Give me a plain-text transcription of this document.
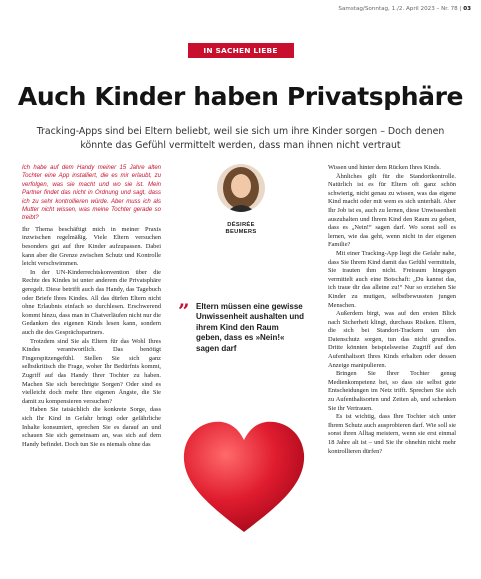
Samstag/Sonntag, 1./2. April 2023 – Nr. 78 | 03
IN SACHEN LIEBE
Auch Kinder haben Privatsphäre

Tracking-Apps sind bei Eltern beliebt, weil sie sich um ihre Kinder sorgen – Doch denen könnte das Gefühl vermittelt werden, dass man ihnen nicht vertraut

Ich habe auf dem Handy meiner 15 Jahre alten Tochter eine App installiert, die es mir erlaubt, zu verfolgen, was sie macht und wo sie ist. Mein Partner findet das nicht in Ordnung und sagt, dass ich zu sehr kontrollieren würde. Aber muss ich als Mutter nicht wissen, was meine Tochter gerade so treibt?

Ihr Thema beschäftigt mich in meiner Praxis inzwischen regelmäßig. Viele Eltern versuchen besonders gut auf ihre Kinder aufzupassen. Dabei kann aber die Grenze zwischen Schutz und Kontrolle leicht verschwimmen.

In der UN-Kinderrechtskonvention über die Rechte des Kindes ist unter anderem die Privatsphäre geregelt. Diese betrifft auch das Handy, das Tagebuch oder Briefe Ihres Kindes. All das dürfen Eltern nicht ohne Erlaubnis einfach so durchlesen. Erschwerend kommt hinzu, dass man in Chatverläufen nicht nur die Gedanken des eigenen Kinds lesen kann, sondern auch die des Gesprächspartners.

Trotzdem sind Sie als Eltern für das Wohl Ihres Kindes verantwortlich. Das benötigt Fingerspitzengefühl. Stellen Sie sich ganz selbstkritisch die Frage, woher Ihr Bedürfnis kommt, Zugriff auf das Handy Ihrer Tochter zu haben. Machen Sie sich berechtigte Sorgen? Oder sind es vielleicht doch mehr Ihre eigenen Ängste, die Sie damit zu kompensieren versuchen?

Haben Sie tatsächlich die konkrete Sorge, dass sich Ihr Kind in Gefahr bringt oder gefährliche Inhalte konsumiert, sprechen Sie es darauf an und schauen Sie sich gemeinsam an, was sich auf dem Handy befindet. Doch tun Sie es niemals ohne das

DÉSIRÉE
BEUMERS
” Eltern müssen eine gewisse Unwissenheit aushalten und ihrem Kind den Raum geben, dass es »Nein!« sagen darf

Wissen und hinter dem Rücken Ihres Kinds.

Ähnliches gilt für die Standortkontrolle. Natürlich ist es für Eltern oft ganz schön schwierig, nicht genau zu wissen, was das eigene Kind macht oder mit wem es sich unterhält. Aber Ihr Job ist es, auch zu lernen, diese Unwissenheit auszuhalten und Ihrem Kind den Raum zu geben, dass es „Nein!“ sagen darf. Wo sonst soll es lernen, wie das geht, wenn nicht in der eigenen Familie?

Mit einer Tracking-App liegt die Gefahr nahe, dass Sie Ihrem Kind damit das Gefühl vermitteln, Sie trauten ihm nicht. Freiraum hingegen vermittelt auch eine Botschaft: „Du kannst das, ich traue dir das alleine zu!“ Nur so erziehen Sie Kinder zu mutigen, selbstbewussten jungen Menschen.

Außerdem birgt, was auf den ersten Blick nach Sicherheit klingt, durchaus Risiken. Eltern, die sich bei Standort-Trackern um den Datenschutz sorgen, tun das nicht grundlos. Dritte könnten beispielsweise Zugriff auf den Aufenthaltsort Ihres Kinds erhalten oder dessen Anzeige manipulieren.

Bringen Sie Ihrer Tochter genug Medienkompetenz bei, so dass sie selbst gute Entscheidungen im Netz trifft. Sprechen Sie sich zu Aufenthaltsorten und Zeiten ab, und schenken Sie ihr Vertrauen.

Es ist wichtig, dass Ihre Tochter sich unter Ihrem Schutz auch ausprobieren darf. Wie soll sie sonst ihren Alltag meistern, wenn sie erst einmal 18 Jahre alt ist – und Sie ihr ohnehin nicht mehr kontrollieren dürfen?
